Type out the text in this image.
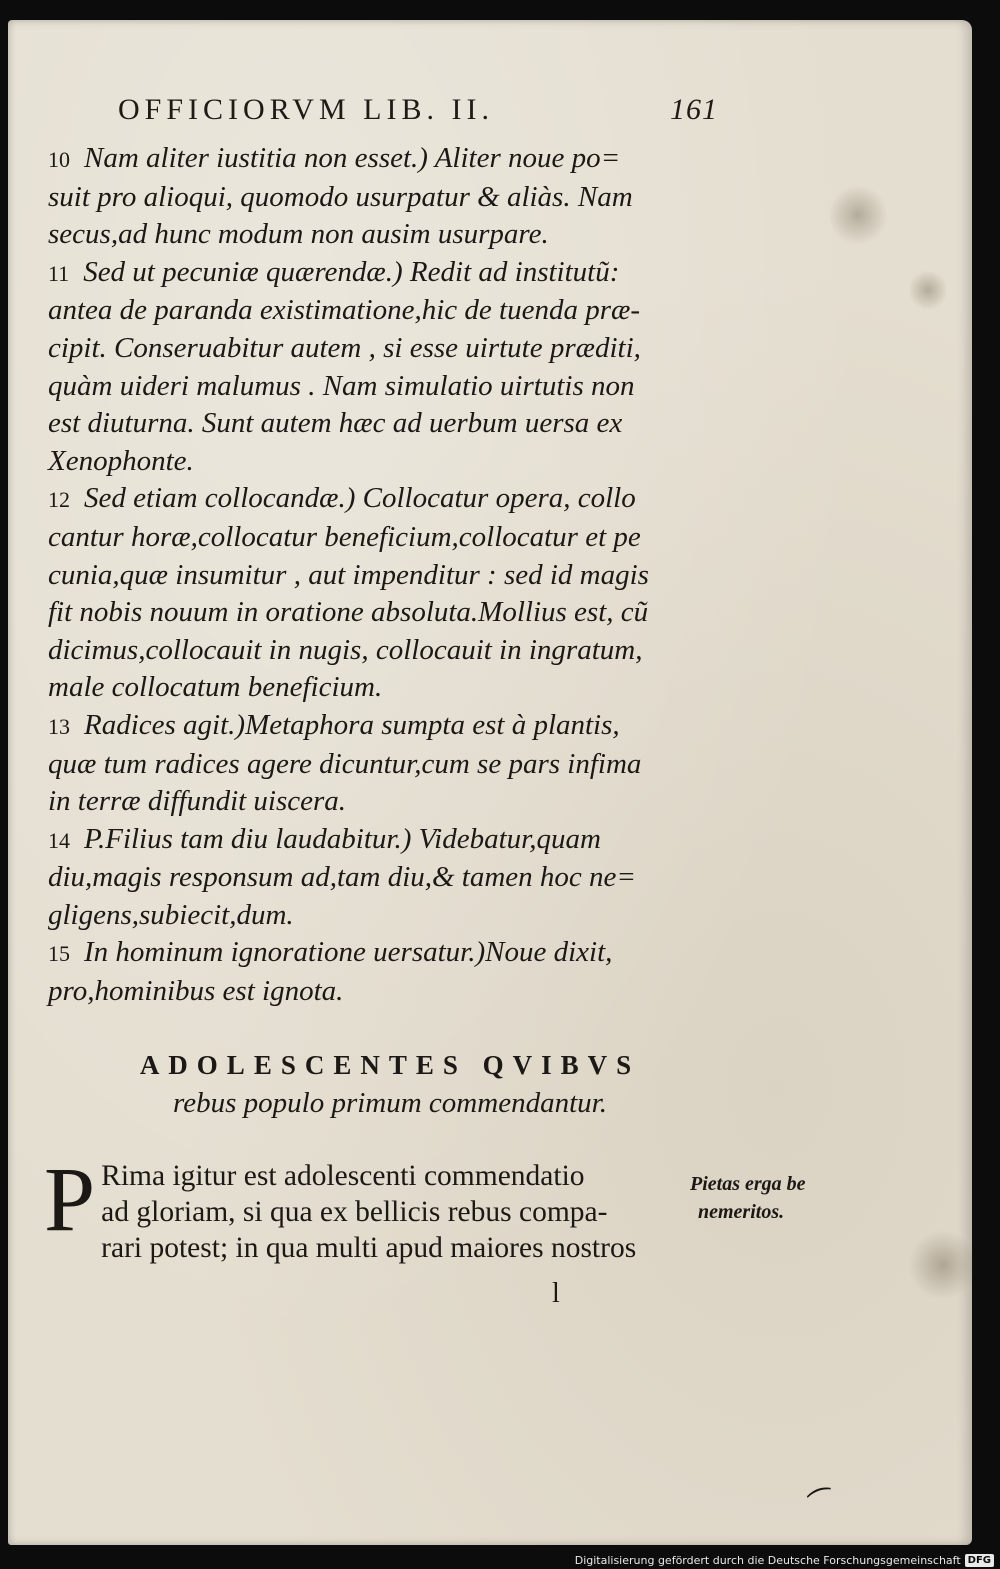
OFFICIORVM LIB. II.	161
10 Nam aliter iustitia non esset.) Aliter noue po=
suit pro alioqui, quomodo usurpatur & aliàs. Nam
secus,ad hunc modum non ausim usurpare.
11 Sed ut pecuniæ quærendæ.) Redit ad institutũ:
antea de paranda existimatione,hic de tuenda præ-
cipit. Conseruabitur autem , si esse uirtute præditi,
quàm uideri malumus . Nam simulatio uirtutis non
est diuturna. Sunt autem hæc ad uerbum uersa ex
Xenophonte.
12 Sed etiam collocandæ.) Collocatur opera, collo
cantur horæ,collocatur beneficium,collocatur et pe
cunia,quæ insumitur , aut impenditur : sed id magis
fit nobis nouum in oratione absoluta.Mollius est, cũ
dicimus,collocauit in nugis, collocauit in ingratum,
male collocatum beneficium.
13 Radices agit.)Metaphora sumpta est à plantis,
quæ tum radices agere dicuntur,cum se pars infima
in terræ diffundit uiscera.
14 P.Filius tam diu laudabitur.) Videbatur,quam
diu,magis responsum ad,tam diu,& tamen hoc ne=
gligens,subiecit,dum.
15 In hominum ignoratione uersatur.)Noue dixit,
pro,hominibus est ignota.
ADOLESCENTES QVIBVS
rebus populo primum commendantur.
P Rima igitur est adolescenti commendatio
ad gloriam, si qua ex bellicis rebus compa-
rari potest; in qua multi apud maiores nostros
Pietas erga be
nemeritos.
l
⁀
Digitalisierung gefördert durch die Deutsche Forschungsgemeinschaft DFG
